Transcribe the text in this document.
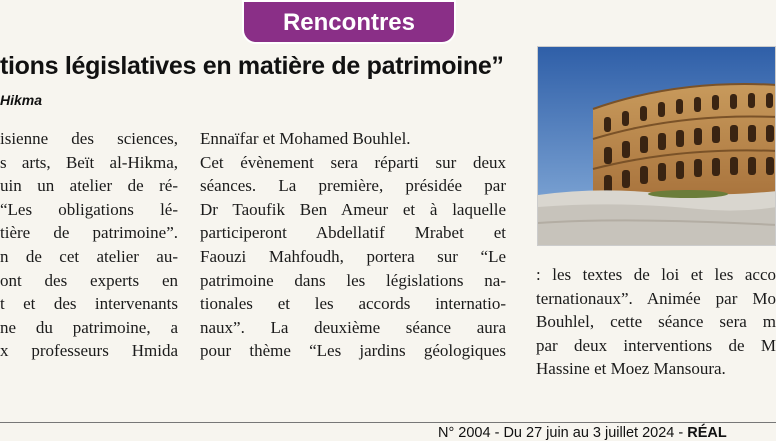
Rencontres
tions législatives en matière de patrimoine”
Hikma
isienne des sciences,
s arts, Beït al-Hikma,
uin un atelier de ré-
“Les obligations lé-
tière de patrimoine”.
n de cet atelier au-
ont des experts en
t et des intervenants
ne du patrimoine, a
x professeurs Hmida
Ennaïfar et Mohamed Bouhlel.
Cet évènement sera réparti sur deux
séances. La première, présidée par
Dr Taoufik Ben Ameur et à laquelle
participeront Abdellatif Mrabet et
Faouzi Mahfoudh, portera sur “Le
patrimoine dans les législations na-
tionales et les accords internatio-
naux”. La deuxième séance aura
pour thème “Les jardins géologiques
: les textes de loi et les acco
ternationaux”. Animée par Mo
Bouhlel, cette séance sera m
par deux interventions de M
Hassine et Moez Mansoura.
N° 2004 - Du 27 juin au 3 juillet 2024 - RÉAL
